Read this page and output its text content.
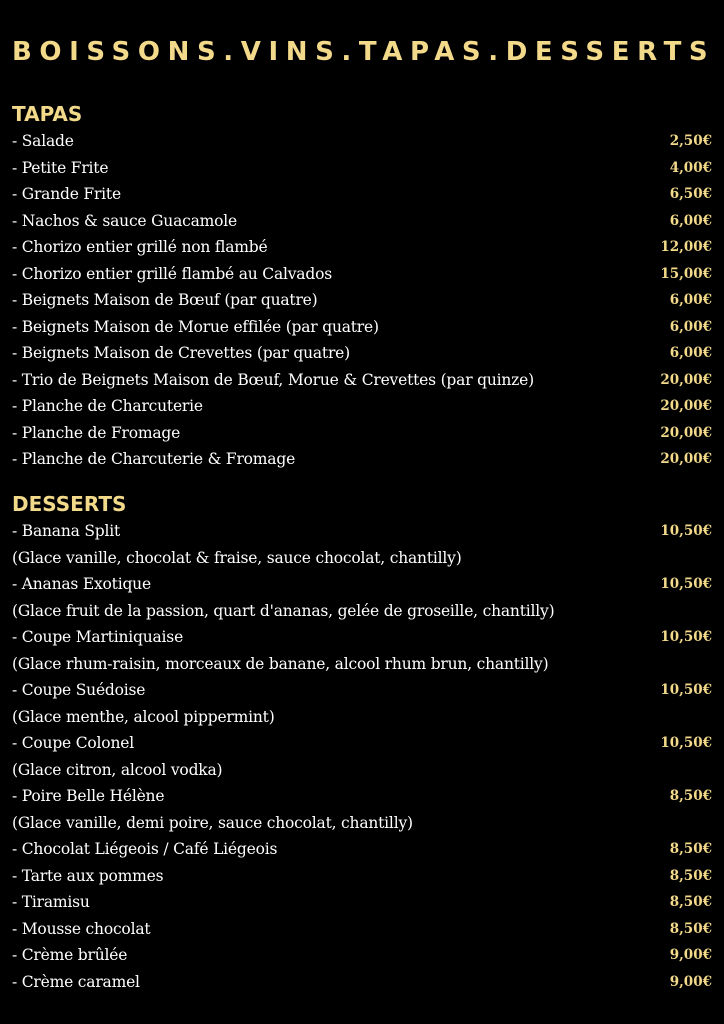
BOISSONS.VINS.TAPAS.DESSERTS
TAPAS
- Salade	2,50€
- Petite Frite	4,00€
- Grande Frite	6,50€
- Nachos & sauce Guacamole	6,00€
- Chorizo entier grillé non flambé	12,00€
- Chorizo entier grillé flambé au Calvados	15,00€
- Beignets Maison de Bœuf (par quatre)	6,00€
- Beignets Maison de Morue effilée (par quatre)	6,00€
- Beignets Maison de Crevettes (par quatre)	6,00€
- Trio de Beignets Maison de Bœuf, Morue & Crevettes (par quinze)	20,00€
- Planche de Charcuterie	20,00€
- Planche de Fromage	20,00€
- Planche de Charcuterie & Fromage	20,00€
DESSERTS
- Banana Split	10,50€
(Glace vanille, chocolat & fraise, sauce chocolat, chantilly)
- Ananas Exotique	10,50€
(Glace fruit de la passion, quart d'ananas, gelée de groseille, chantilly)
- Coupe Martiniquaise	10,50€
(Glace rhum-raisin, morceaux de banane, alcool rhum brun, chantilly)
- Coupe Suédoise	10,50€
(Glace menthe, alcool pippermint)
- Coupe Colonel	10,50€
(Glace citron, alcool vodka)
- Poire Belle Hélène	8,50€
(Glace vanille, demi poire, sauce chocolat, chantilly)
- Chocolat Liégeois / Café Liégeois	8,50€
- Tarte aux pommes	8,50€
- Tiramisu	8,50€
- Mousse chocolat	8,50€
- Crème brûlée	9,00€
- Crème caramel	9,00€
